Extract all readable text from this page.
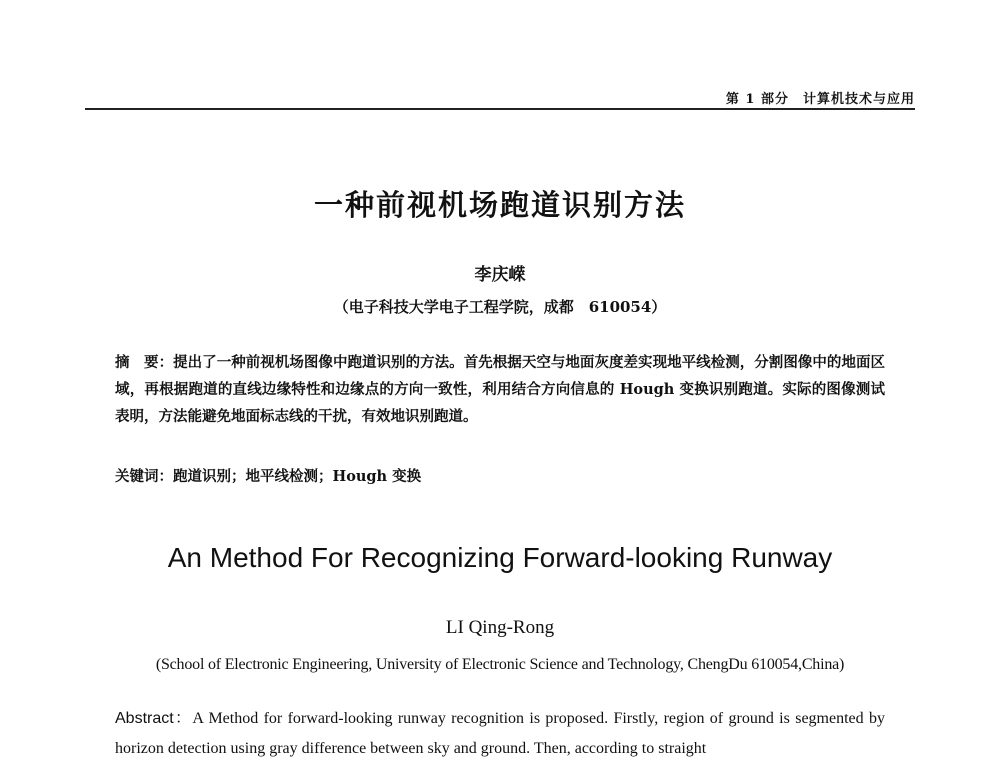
第 1 部分　计算机技术与应用
一种前视机场跑道识别方法
李庆嵘
（电子科技大学电子工程学院，成都　610054）
摘　要：提出了一种前视机场图像中跑道识别的方法。首先根据天空与地面灰度差实现地平线检测，分割图像中的地面区域，再根据跑道的直线边缘特性和边缘点的方向一致性，利用结合方向信息的 Hough 变换识别跑道。实际的图像测试表明，方法能避免地面标志线的干扰，有效地识别跑道。
关键词：跑道识别；地平线检测；Hough 变换
An Method For Recognizing Forward-looking Runway
LI Qing-Rong
(School of Electronic Engineering, University of Electronic Science and Technology, ChengDu 610054,China)
Abstract：A Method for forward-looking runway recognition is proposed. Firstly, region of ground is segmented by horizon detection using gray difference between sky and ground. Then, according to straight
